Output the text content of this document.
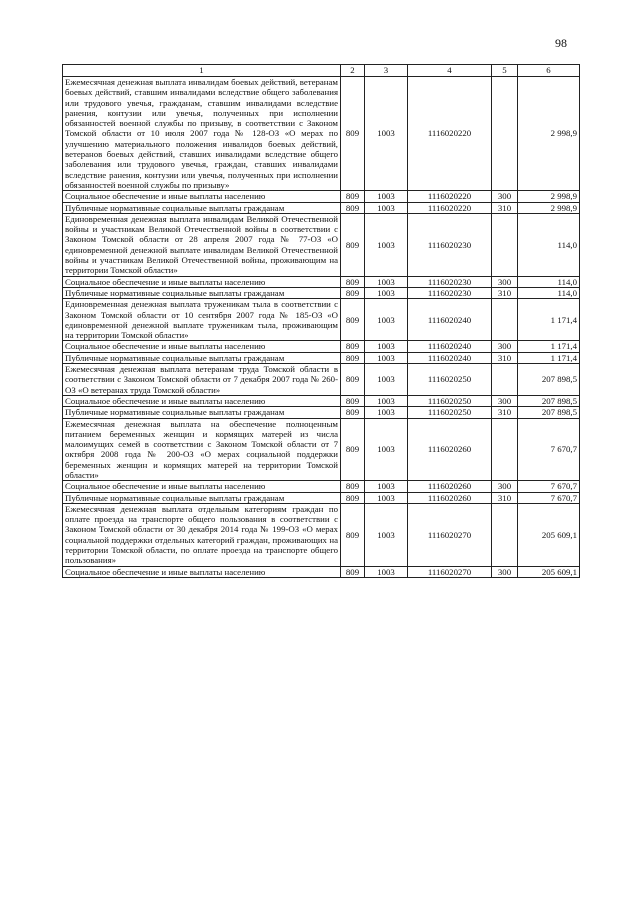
98
1	2	3	4	5	6
Ежемесячная денежная выплата инвалидам боевых действий, ветеранам боевых действий, ставшим инвалидами вследствие общего заболевания или трудового увечья, гражданам, ставшим инвалидами вследствие ранения, контузии или увечья, полученных при исполнении обязанностей военной службы по призыву, в соответствии с Законом Томской области от 10 июля 2007 года № 128-ОЗ «О мерах по улучшению материального положения инвалидов боевых действий, ветеранов боевых действий, ставших инвалидами вследствие общего заболевания или трудового увечья, граждан, ставших инвалидами вследствие ранения, контузии или увечья, полученных при исполнении обязанностей военной службы по призыву»	809	1003	1116020220		2 998,9
Социальное обеспечение и иные выплаты населению	809	1003	1116020220	300	2 998,9
Публичные нормативные социальные выплаты гражданам	809	1003	1116020220	310	2 998,9
Единовременная денежная выплата инвалидам Великой Отечественной войны и участникам Великой Отечественной войны в соответствии с Законом Томской области от 28 апреля 2007 года № 77-ОЗ «О единовременной денежной выплате инвалидам Великой Отечественной войны и участникам Великой Отечественной войны, проживающим на территории Томской области»	809	1003	1116020230		114,0
Социальное обеспечение и иные выплаты населению	809	1003	1116020230	300	114,0
Публичные нормативные социальные выплаты гражданам	809	1003	1116020230	310	114,0
Единовременная денежная выплата труженикам тыла в соответствии с Законом Томской области от 10 сентября 2007 года № 185-ОЗ «О единовременной денежной выплате труженикам тыла, проживающим на территории Томской области»	809	1003	1116020240		1 171,4
Социальное обеспечение и иные выплаты населению	809	1003	1116020240	300	1 171,4
Публичные нормативные социальные выплаты гражданам	809	1003	1116020240	310	1 171,4
Ежемесячная денежная выплата ветеранам труда Томской области в соответствии с Законом Томской области от 7 декабря 2007 года № 260-ОЗ «О ветеранах труда Томской области»	809	1003	1116020250		207 898,5
Социальное обеспечение и иные выплаты населению	809	1003	1116020250	300	207 898,5
Публичные нормативные социальные выплаты гражданам	809	1003	1116020250	310	207 898,5
Ежемесячная денежная выплата на обеспечение полноценным питанием беременных женщин и кормящих матерей из числа малоимущих семей в соответствии с Законом Томской области от 7 октября 2008 года № 200-ОЗ «О мерах социальной поддержки беременных женщин и кормящих матерей на территории Томской области»	809	1003	1116020260		7 670,7
Социальное обеспечение и иные выплаты населению	809	1003	1116020260	300	7 670,7
Публичные нормативные социальные выплаты гражданам	809	1003	1116020260	310	7 670,7
Ежемесячная денежная выплата отдельным категориям граждан по оплате проезда на транспорте общего пользования в соответствии с Законом Томской области от 30 декабря 2014 года № 199-ОЗ «О мерах социальной поддержки отдельных категорий граждан, проживающих на территории Томской области, по оплате проезда на транспорте общего пользования»	809	1003	1116020270		205 609,1
Социальное обеспечение и иные выплаты населению	809	1003	1116020270	300	205 609,1
